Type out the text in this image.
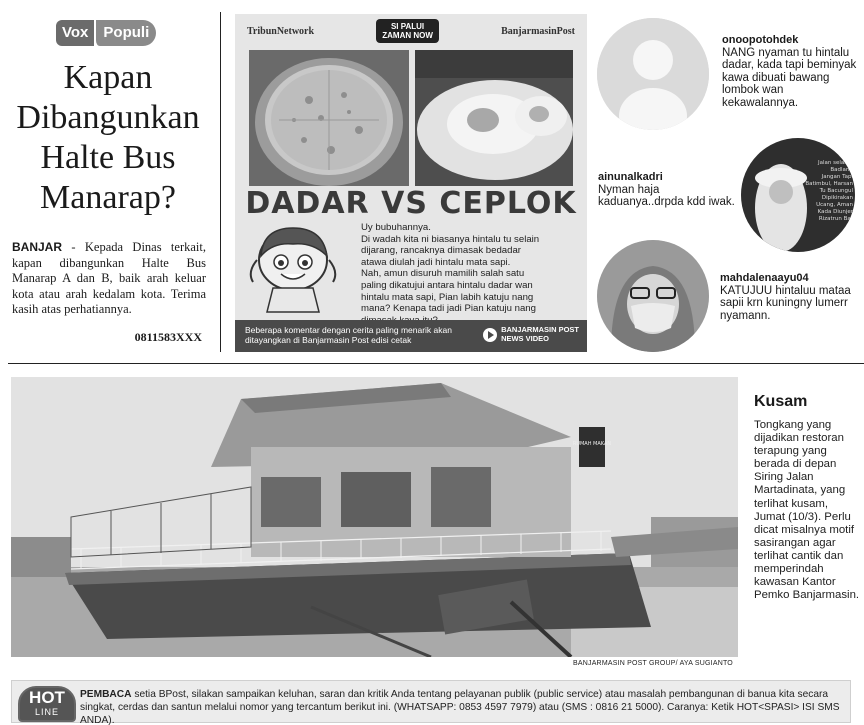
Vox	Populi
Kapan
Dibangunkan
Halte Bus
Manarap?

BANJAR - Kepada Dinas terkait, kapan dibangunkan Halte Bus Manarap A dan B, baik arah keluar kota atau arah kedalam kota. Terima kasih atas perhatiannya.

0811583XXX
TribunNetwork	SI PALUI
ZAMAN NOW	BanjarmasinPost
DADAR VS CEPLOK
Uy bubuhannya.
Di wadah kita ni biasanya hintalu tu selain
dijarang, rancaknya dimasak bedadar
atawa diulah jadi hintalu mata sapi.
Nah, amun disuruh mamilih salah satu
paling dikatujui antara hintalu dadar wan
hintalu mata sapi, Pian labih katuju nang
mana? Kenapa tadi jadi Pian katuju nang
Beberapa komentar dengan cerita paling menarik akan ditayangkan di Banjarmasin Post edisi cetak
BANJARMASIN POST
NEWS VIDEO
onoopotohdek
NANG nyaman tu hintalu dadar, kada tapi beminyak kawa dibuati bawang lombok wan kekawalannya.
Jalan selama
Badlam,
Jangan Tapi
Batimbul, Harsan
Tu Bacungul
Dipikirakan
Ucang, Aman
Kada Diunjer
Rizatrun Bar
ainunalkadri
Nyman haja kaduanya..drpda kdd iwak.
mahdalenaayu04
KATUJUU hintaluu mataa sapii krn kuningny lumerr nyamann.
RUMAH MAKAN
BANJARMASIN POST GROUP/ AYA SUGIANTO
Kusam
Tongkang yang dijadikan restoran terapung yang berada di depan Siring Jalan Martadinata, yang terlihat kusam, Jumat (10/3). Perlu dicat misalnya motif sasirangan agar terlihat cantik dan memperindah kawasan Kantor Pemko Banjarmasin.
HOT
LINE
PEMBACA setia BPost, silakan sampaikan keluhan, saran dan kritik Anda tentang pelayanan publik (public service) atau masalah pembangunan di banua kita secara singkat, cerdas dan santun melalui nomor yang tercantum berikut ini. (WHATSAPP: 0853 4597 7979) atau (SMS : 0816 21 5000). Caranya: Ketik HOT<SPASI> ISI SMS ANDA).
